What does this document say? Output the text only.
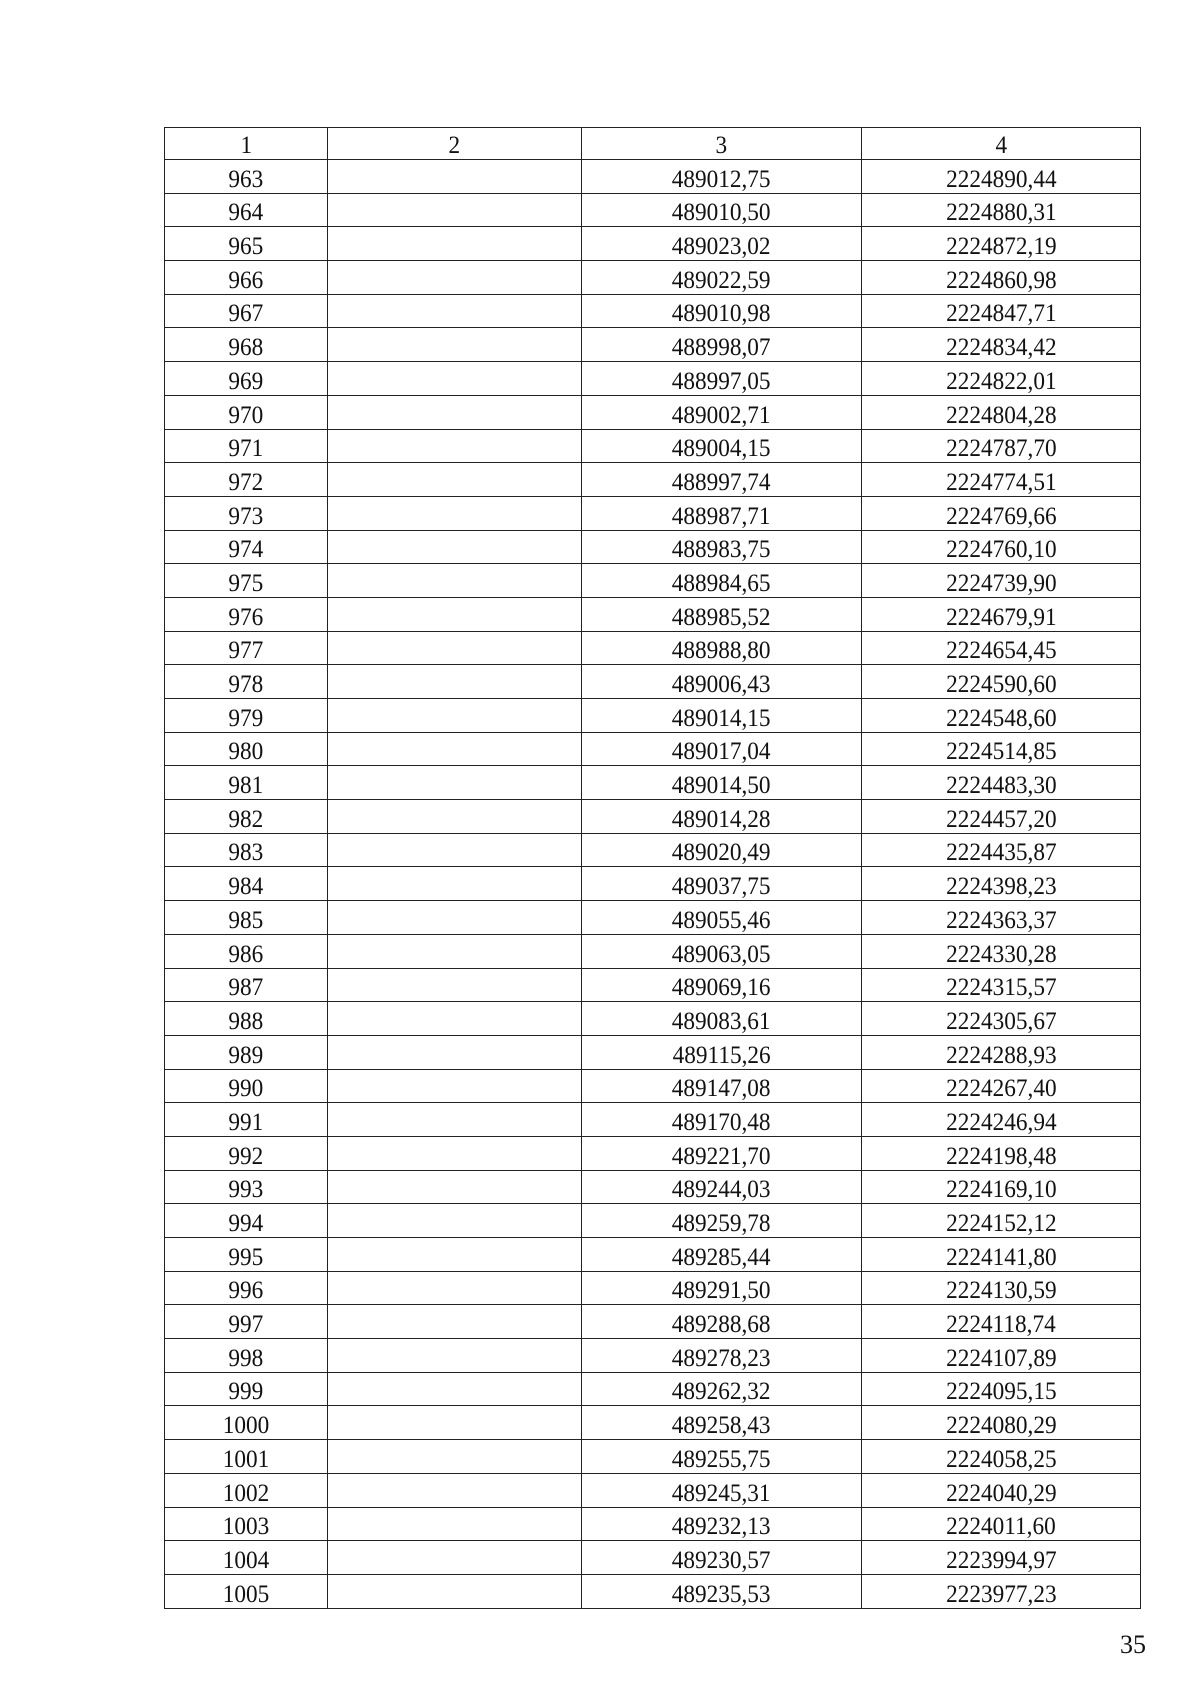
1	2	3	4
963		489012,75	2224890,44
964		489010,50	2224880,31
965		489023,02	2224872,19
966		489022,59	2224860,98
967		489010,98	2224847,71
968		488998,07	2224834,42
969		488997,05	2224822,01
970		489002,71	2224804,28
971		489004,15	2224787,70
972		488997,74	2224774,51
973		488987,71	2224769,66
974		488983,75	2224760,10
975		488984,65	2224739,90
976		488985,52	2224679,91
977		488988,80	2224654,45
978		489006,43	2224590,60
979		489014,15	2224548,60
980		489017,04	2224514,85
981		489014,50	2224483,30
982		489014,28	2224457,20
983		489020,49	2224435,87
984		489037,75	2224398,23
985		489055,46	2224363,37
986		489063,05	2224330,28
987		489069,16	2224315,57
988		489083,61	2224305,67
989		489115,26	2224288,93
990		489147,08	2224267,40
991		489170,48	2224246,94
992		489221,70	2224198,48
993		489244,03	2224169,10
994		489259,78	2224152,12
995		489285,44	2224141,80
996		489291,50	2224130,59
997		489288,68	2224118,74
998		489278,23	2224107,89
999		489262,32	2224095,15
1000		489258,43	2224080,29
1001		489255,75	2224058,25
1002		489245,31	2224040,29
1003		489232,13	2224011,60
1004		489230,57	2223994,97
1005		489235,53	2223977,23
35
